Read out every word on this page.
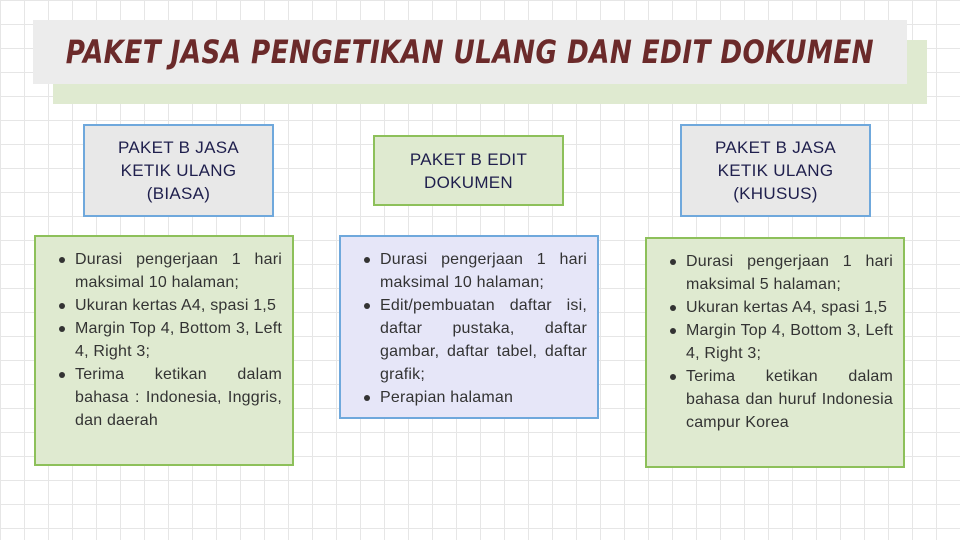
PAKET JASA PENGETIKAN ULANG DAN EDIT DOKUMEN
PAKET B JASA
KETIK ULANG
(BIASA)
Durasi pengerjaan 1 hari maksimal 10 halaman;
Ukuran kertas A4, spasi 1,5
Margin Top 4, Bottom 3, Left 4, Right 3;
Terima ketikan dalam bahasa : Indonesia, Inggris, dan daerah
PAKET B EDIT
DOKUMEN
Durasi pengerjaan 1 hari maksimal 10 halaman;
Edit/pembuatan daftar isi, daftar pustaka, daftar gambar, daftar tabel, daftar grafik;
Perapian halaman
PAKET B JASA
KETIK ULANG
(KHUSUS)
Durasi pengerjaan 1 hari maksimal 5 halaman;
Ukuran kertas A4, spasi 1,5
Margin Top 4, Bottom 3, Left 4, Right 3;
Terima ketikan dalam bahasa dan huruf Indonesia campur Korea
